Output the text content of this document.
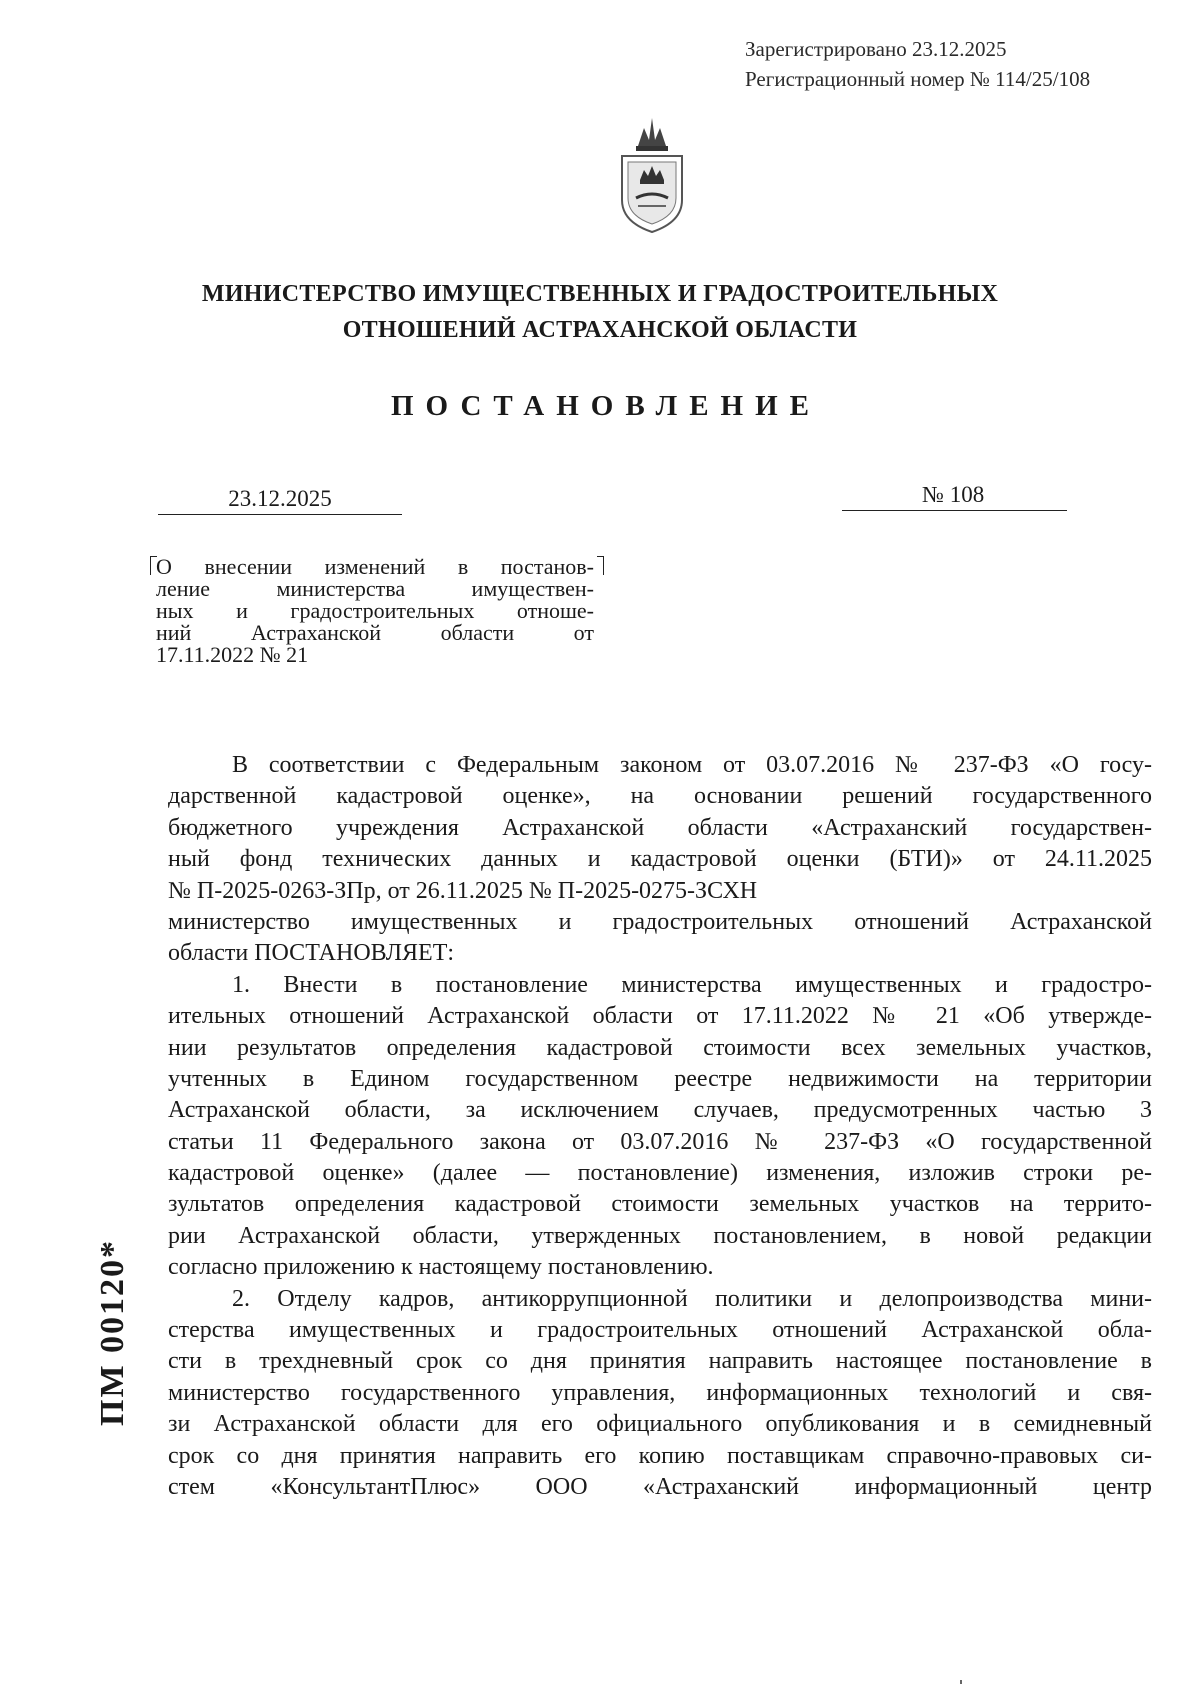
Зарегистрировано 23.12.2025
Регистрационный номер № 114/25/108
МИНИСТЕРСТВО ИМУЩЕСТВЕННЫХ И ГРАДОСТРОИТЕЛЬНЫХ
ОТНОШЕНИЙ АСТРАХАНСКОЙ ОБЛАСТИ
ПОСТАНОВЛЕНИЕ
23.12.2025	№ 108
О внесении изменений в постанов-
ление министерства имуществен-
ных и градостроительных отноше-
ний Астраханской области от
17.11.2022 № 21
В соответствии с Федеральным законом от 03.07.2016 № 237-ФЗ «О госу-
дарственной кадастровой оценке», на основании решений государственного
бюджетного учреждения Астраханской области «Астраханский государствен-
ный фонд технических данных и кадастровой оценки (БТИ)» от 24.11.2025
№ П-2025-0263-ЗПр, от 26.11.2025 № П-2025-0275-ЗСХН
министерство имущественных и градостроительных отношений Астраханской
области ПОСТАНОВЛЯЕТ:
1. Внести в постановление министерства имущественных и градостро-
ительных отношений Астраханской области от 17.11.2022 № 21 «Об утвержде-
нии результатов определения кадастровой стоимости всех земельных участков,
учтенных в Едином государственном реестре недвижимости на территории
Астраханской области, за исключением случаев, предусмотренных частью 3
статьи 11 Федерального закона от 03.07.2016 № 237-ФЗ «О государственной
кадастровой оценке» (далее — постановление) изменения, изложив строки ре-
зультатов определения кадастровой стоимости земельных участков на террито-
рии Астраханской области, утвержденных постановлением, в новой редакции
согласно приложению к настоящему постановлению.
2. Отделу кадров, антикоррупционной политики и делопроизводства мини-
стерства имущественных и градостроительных отношений Астраханской обла-
сти в трехдневный срок со дня принятия направить настоящее постановление в
министерство государственного управления, информационных технологий и свя-
зи Астраханской области для его официального опубликования и в семидневный
срок со дня принятия направить его копию поставщикам справочно-правовых си-
стем «КонсультантПлюс» ООО «Астраханский информационный центр
ПМ 00120*
